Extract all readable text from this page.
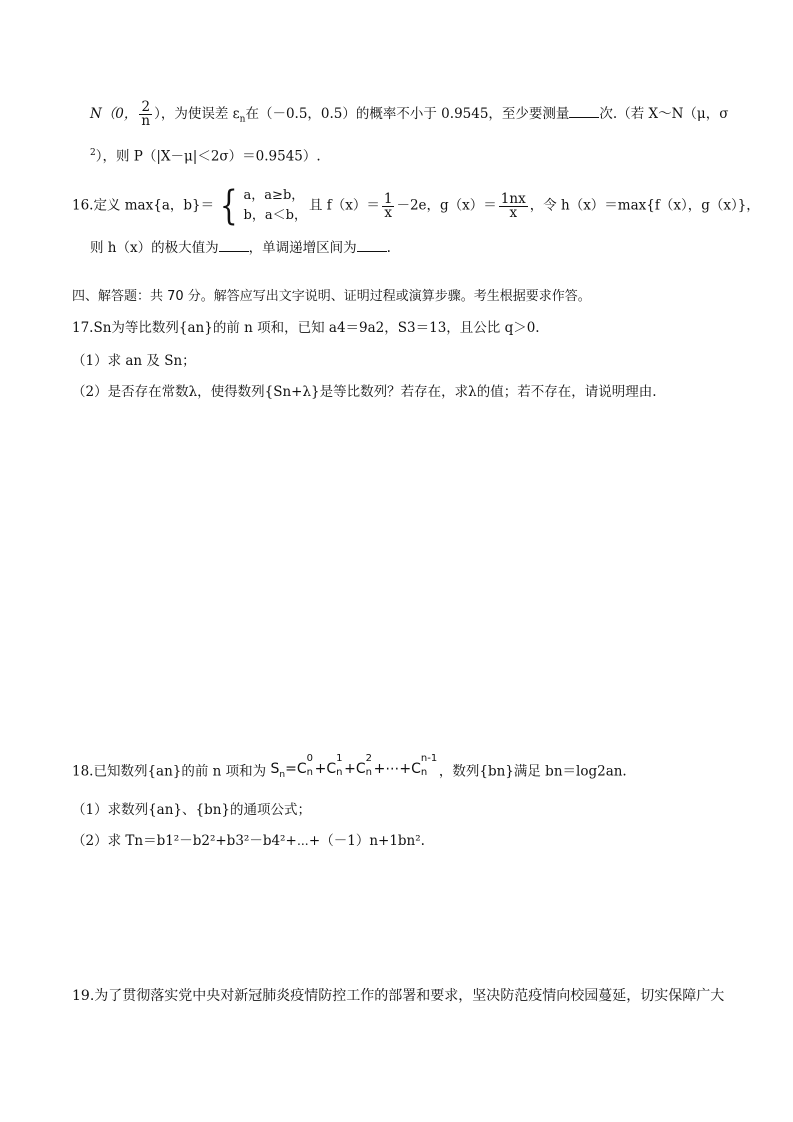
N（0， $\frac{2}{n}$ ），为使误差 $\varepsilon_n$在（－0.5，0.5）的概率不小于 0.9545，至少要测量 次.（若 X～N（μ，σ
$^2$），则 P（|X－μ|＜2σ）＝0.9545）.
16.定义 max{a，b}＝ { a，a≥b，
b，a＜b，
且 $f(x)= \frac{1}{x} -2e$，$g(x)= \frac{1nx}{x}$ ，令 h（x）＝max{f（x），g（x）}，
则 h（x）的极大值为 ，单调递增区间为 .
四、解答题：共 70 分。解答应写出文字说明、证明过程或演算步骤。考生根据要求作答。
17.Sn为等比数列{an}的前 n 项和，已知 a4＝9a2，S3＝13，且公比 q＞0.
（1）求 an 及 Sn；
（2）是否存在常数λ，使得数列{Sn+λ}是等比数列？若存在，求λ的值；若不存在，请说明理由.
18.已知数列{an}的前 n 项和为 $S_n=C$
0
n +C
1
n +C
2
n +⋯+C
n-1
n ，数列{bn}满足 bn＝log2an.
（1）求数列{an}、{bn}的通项公式；
（2）求 Tn＝b1²－b2²+b3²－b4²+⋯+（－1）n+1bn².
19.为了贯彻落实党中央对新冠肺炎疫情防控工作的部署和要求，坚决防范疫情向校园蔓延，切实保障广大
